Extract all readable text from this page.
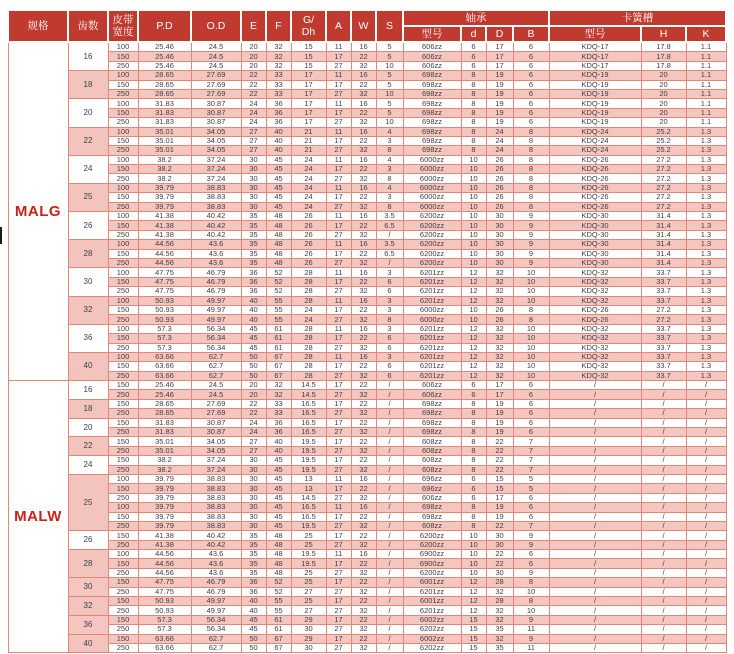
规格	齿数	皮带宽度	P.D	O.D	E	F	G/Dh	A	W	S	轴承				卡簧槽		
											型号	d	D	B	型号	H	K
MALG	16	100	25.46	24.5	20	32	15	11	16	5	606zz	6	17	6	KDQ-17	17.8	1.1
		150	25.46	24.5	20	32	15	17	22	5	606zz	6	17	6	KDQ-17	17.8	1.1
		250	25.46	24.5	20	32	15	27	32	10	606zz	6	17	6	KDQ-17	17.8	1.1
	18	100	28.65	27.69	22	33	17	11	16	5	698zz	8	19	6	KDQ-19	20	1.1
		150	28.65	27.69	22	33	17	17	22	5	698zz	8	19	6	KDQ-19	20	1.1
		250	28.65	27.69	22	33	17	27	32	10	698zz	8	19	6	KDQ-19	20	1.1
	20	100	31.83	30.87	24	36	17	11	16	5	698zz	8	19	6	KDQ-19	20	1.1
		150	31.83	30.87	24	36	17	17	22	5	698zz	8	19	6	KDQ-19	20	1.1
		250	31.83	30.87	24	36	17	27	32	10	698zz	8	19	6	KDQ-19	20	1.1
	22	100	35.01	34.05	27	40	21	11	16	4	698zz	8	24	8	KDQ-24	25.2	1.3
		150	35.01	34.05	27	40	21	17	22	3	698zz	8	24	8	KDQ-24	25.2	1.3
		250	35.01	34.05	27	40	21	27	32	8	698zz	8	24	8	KDQ-24	25.2	1.3
	24	100	38.2	37.24	30	45	24	11	16	4	6000zz	10	26	8	KDQ-26	27.2	1.3
		150	38.2	37.24	30	45	24	17	22	3	6000zz	10	26	8	KDQ-26	27.2	1.3
		250	38.2	37.24	30	45	24	27	32	8	6000zz	10	26	8	KDQ-26	27.2	1.3
	25	100	39.79	38.83	30	45	24	11	16	4	6000zz	10	26	8	KDQ-26	27.2	1.3
		150	39.79	38.83	30	45	24	17	22	3	6000zz	10	26	8	KDQ-26	27.2	1.3
		250	39.79	38.83	30	45	24	27	32	8	6000zz	10	26	8	KDQ-26	27.2	1.3
	26	100	41.38	40.42	35	48	26	11	16	3.5	6200zz	10	30	9	KDQ-30	31.4	1.3
		150	41.38	40.42	35	48	26	17	22	6.5	6200zz	10	30	9	KDQ-30	31.4	1.3
		250	41.38	40.42	35	48	26	27	32	/	6200zz	10	30	9	KDQ-30	31.4	1.3
	28	100	44.56	43.6	35	48	26	11	16	3.5	6200zz	10	30	9	KDQ-30	31.4	1.3
		150	44.56	43.6	35	48	26	17	22	6.5	6200zz	10	30	9	KDQ-30	31.4	1.3
		250	44.56	43.6	35	48	26	27	32	/	6200zz	10	30	9	KDQ-30	31.4	1.3
	30	100	47.75	46.79	36	52	28	11	16	3	6201zz	12	32	10	KDQ-32	33.7	1.3
		150	47.75	46.79	36	52	28	17	22	6	6201zz	12	32	10	KDQ-32	33.7	1.3
		250	47.75	46.79	36	52	28	27	32	6	6201zz	12	32	10	KDQ-32	33.7	1.3
	32	100	50.93	49.97	40	55	28	11	16	3	6201zz	12	32	10	KDQ-32	33.7	1.3
		150	50.93	49.97	40	55	24	17	22	3	6000zz	10	26	8	KDQ-26	27.2	1.3
		250	50.93	49.97	40	55	24	27	32	8	6000zz	10	26	8	KDQ-26	27.2	1.3
	36	100	57.3	56.34	45	61	28	11	16	3	6201zz	12	32	10	KDQ-32	33.7	1.3
		150	57.3	56.34	45	61	28	17	22	6	6201zz	12	32	10	KDQ-32	33.7	1.3
		250	57.3	56.34	45	61	28	27	32	6	6201zz	12	32	10	KDQ-32	33.7	1.3
	40	100	63.66	62.7	50	67	28	11	16	3	6201zz	12	32	10	KDQ-32	33.7	1.3
		150	63.66	62.7	50	67	28	17	22	6	6201zz	12	32	10	KDQ-32	33.7	1.3
		250	63.66	62.7	50	67	28	27	32	6	6201zz	12	32	10	KDQ-32	33.7	1.3
MALW	16	150	25.46	24.5	20	32	14.5	17	22	/	606zz	6	17	6	/	/	/
		250	25.46	24.5	20	32	14.5	27	32	/	606zz	6	17	6	/	/	/
	18	150	28.65	27.69	22	33	16.5	17	22	/	698zz	8	19	6	/	/	/
		250	28.65	27.69	22	33	16.5	27	32	/	698zz	8	19	6	/	/	/
	20	150	31.83	30.87	24	36	16.5	17	22	/	698zz	8	19	6	/	/	/
		250	31.83	30.87	24	36	16.5	27	32	/	698zz	8	19	6	/	/	/
	22	150	35.01	34.05	27	40	19.5	17	22	/	608zz	8	22	7	/	/	/
		250	35.01	34.05	27	40	19.5	27	32	/	608zz	8	22	7	/	/	/
	24	150	38.2	37.24	30	45	19.5	17	22	/	608zz	8	22	7	/	/	/
		250	38.2	37.24	30	45	19.5	27	32	/	608zz	8	22	7	/	/	/
	25	100	39.79	38.83	30	45	13	11	16	/	696zz	6	15	5	/	/	/
		150	39.79	38.83	30	45	13	17	22	/	696zz	6	15	5	/	/	/
		250	39.79	38.83	30	45	14.5	27	32	/	606zz	6	17	6	/	/	/
		100	39.79	38.83	30	45	16.5	11	16	/	698zz	8	19	6	/	/	/
		150	39.79	38.83	30	45	16.5	17	22	/	698zz	8	19	6	/	/	/
		250	39.79	38.83	30	45	19.5	27	32	/	608zz	8	22	7	/	/	/
	26	150	41.38	40.42	35	48	25	17	22	/	6200zz	10	30	9	/	/	/
		250	41.38	40.42	35	48	25	27	32	/	6200zz	10	30	9	/	/	/
	28	100	44.56	43.6	35	48	19.5	11	16	/	6900zz	10	22	6	/	/	/
		150	44.56	43.6	35	48	19.5	17	22	/	6900zz	10	22	6	/	/	/
		250	44.56	43.6	35	48	25	27	32	/	6200zz	10	30	9	/	/	/
	30	150	47.75	46.79	36	52	25	17	22	/	6001zz	12	28	8	/	/	/
		250	47.75	46.79	36	52	27	27	32	/	6201zz	12	32	10	/	/	/
	32	150	50.93	49.97	40	55	25	17	22	/	6001zz	12	28	8	/	/	/
		250	50.93	49.97	40	55	27	27	32	/	6201zz	12	32	10	/	/	/
	36	150	57.3	56.34	45	61	29	17	22	/	6002zz	15	32	9	/	/	/
		250	57.3	56.34	45	61	30	27	32	/	6202zz	15	35	11	/	/	/
	40	150	63.66	62.7	50	67	29	17	22	/	6002zz	15	32	9	/	/	/
		250	63.66	62.7	50	67	30	27	32	/	6202zz	15	35	11	/	/	/
